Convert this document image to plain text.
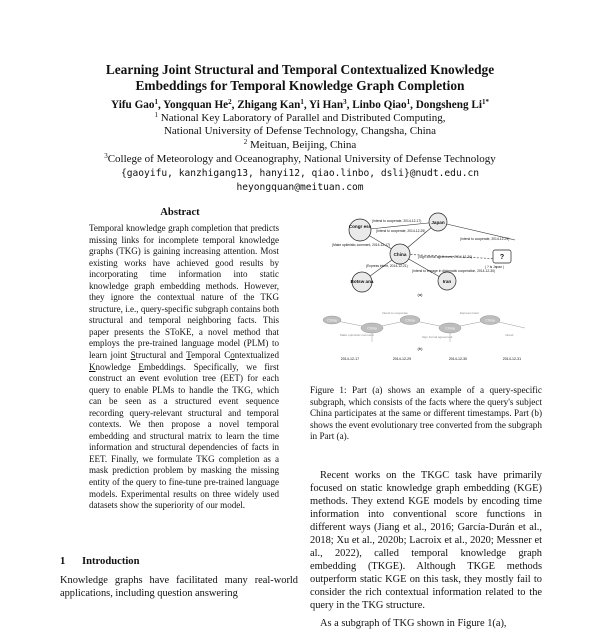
Learning Joint Structural and Temporal Contextualized Knowledge
Embeddings for Temporal Knowledge Graph Completion
Yifu Gao$^1$, Yongquan He$^2$, Zhigang Kan$^1$, Yi Han$^3$, Linbo Qiao$^1$, Dongsheng $Li^{1*}$
$^1$ National Key Laboratory of Parallel and Distributed Computing,
National University of Defense Technology, Changsha, China
$^2$ Meituan, Beijing, China
$^3$College of Meteorology and Oceanography, National University of Defense Technology
{gaoyifu, kanzhigang13, hanyi12, qiao.linbo, dsli}@nudt.edu.cn
heyongquan@meituan.com
Abstract

Temporal knowledge graph completion that predicts missing links for incomplete temporal knowledge graphs (TKG) is gaining increasing attention. Most existing works have achieved good results by incorporating time information into static knowledge graph embedding methods. However, they ignore the contextual nature of the TKG structure, i.e., query-specific subgraph contains both structural and temporal neighboring facts. This paper presents the SToKE, a novel method that employs the pre-trained language model (PLM) to learn joint Structural and Temporal Contextualized Knowledge Embeddings. Specifically, we first construct an event evolution tree (EET) for each query to enable PLMs to handle the TKG, which can be seen as a structured event sequence recording query-relevant structural and temporal contexts. We then propose a novel temporal embedding and structural matrix to learn the time information and structural dependencies of facts in EET. Finally, we formulate TKG completion as a mask prediction problem by masking the missing entity of the query to fine-tune pre-trained language models. Experimental results on three widely used datasets show the superiority of our model.

1 Introduction

Knowledge graphs have facilitated many real-world applications, including question answering

Congr ess
Japan
China
Botsw ana	Iran
?
(Intend to cooperate, 2014-12-17)
(Intend to cooperate, 2014-12-25)
(Make optimistic comment, 2014-12-17)
(Intend to cooperate, 2014-12-29)
(Express intent, 2014-12-21)
(Sign formal agreement, 2014-12-30)
(Intend to engage in diplomatic cooperation, 2014-12-30)
( ? is Japan )
(a)
China
China
China
China
China
Make optimistic comment
Intend to cooperate
Sign formal agreement
Express intent
Intend
2014-12-17	2014-12-29	2014-12-30	2014-12-31
(b)

Figure 1: Part (a) shows an example of a query-specific subgraph, which consists of the facts where the query's subject China participates at the same or different timestamps. Part (b) shows the event evolutionary tree converted from the subgraph in Part (a).

Recent works on the TKGC task have primarily focused on static knowledge graph embedding (KGE) methods. They extend KGE models by encoding time information into conventional score functions in different ways (Jiang et al., 2016; García-Durán et al., 2018; Xu et al., 2020b; Lacroix et al., 2020; Messner et al., 2022), called temporal knowledge graph embedding (TKGE). Although TKGE methods outperform static KGE on this task, they mostly fail to consider the rich contextual information related to the query in the TKG structure.

As a subgraph of TKG shown in Figure 1(a),
